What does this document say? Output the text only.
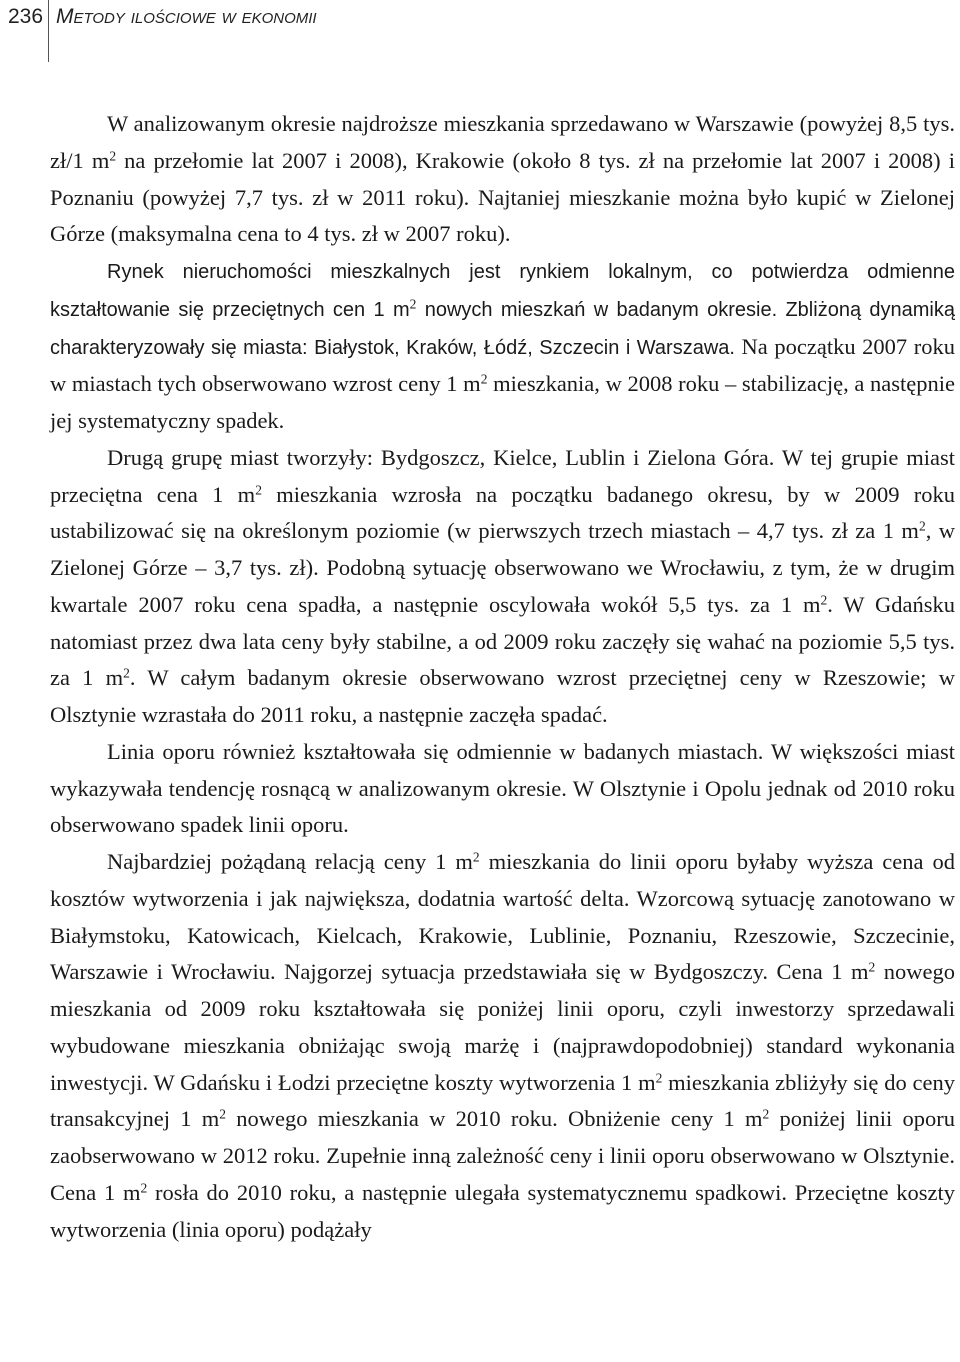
236 Metody ilościowe w ekonomii

W analizowanym okresie najdroższe mieszkania sprzedawano w Warszawie (powyżej 8,5 tys. zł/1 $m^2$ na przełomie lat 2007 i 2008), Krakowie (około 8 tys. zł na przełomie lat 2007 i 2008) i Poznaniu (powyżej 7,7 tys. zł w 2011 roku). Najtaniej mieszkanie można było kupić w Zielonej Górze (maksymalna cena to 4 tys. zł w 2007 roku).

Rynek nieruchomości mieszkalnych jest rynkiem lokalnym, co potwierdza odmienne kształtowanie się przeciętnych cen 1 $m^2$ nowych mieszkań w badanym okresie. Zbliżoną dynamiką charakteryzowały się miasta: Białystok, Kraków, Łódź, Szczecin i Warszawa. Na początku 2007 roku w miastach tych obserwowano wzrost ceny 1 $m^2$ mieszkania, w 2008 roku – stabilizację, a następnie jej systematyczny spadek.

Drugą grupę miast tworzyły: Bydgoszcz, Kielce, Lublin i Zielona Góra. W tej grupie miast przeciętna cena 1 $m^2$ mieszkania wzrosła na początku badanego okresu, by w 2009 roku ustabilizować się na określonym poziomie (w pierwszych trzech miastach – 4,7 tys. zł za 1 $m^2$, w Zielonej Górze – 3,7 tys. zł). Podobną sytuację obserwowano we Wrocławiu, z tym, że w drugim kwartale 2007 roku cena spadła, a następnie oscylowała wokół 5,5 tys. za 1 $m^2$. W Gdańsku natomiast przez dwa lata ceny były stabilne, a od 2009 roku zaczęły się wahać na poziomie 5,5 tys. za 1 $m^2$. W całym badanym okresie obserwowano wzrost przeciętnej ceny w Rzeszowie; w Olsztynie wzrastała do 2011 roku, a następnie zaczęła spadać.

Linia oporu również kształtowała się odmiennie w badanych miastach. W większości miast wykazywała tendencję rosnącą w analizowanym okresie. W Olsztynie i Opolu jednak od 2010 roku obserwowano spadek linii oporu.

Najbardziej pożądaną relacją ceny 1 $m^2$ mieszkania do linii oporu byłaby wyższa cena od kosztów wytworzenia i jak największa, dodatnia wartość delta. Wzorcową sytuację zanotowano w Białymstoku, Katowicach, Kielcach, Krakowie, Lublinie, Poznaniu, Rzeszowie, Szczecinie, Warszawie i Wrocławiu. Najgorzej sytuacja przedstawiała się w Bydgoszczy. Cena 1 $m^2$ nowego mieszkania od 2009 roku kształtowała się poniżej linii oporu, czyli inwestorzy sprzedawali wybudowane mieszkania obniżając swoją marżę i (najprawdopodobniej) standard wykonania inwestycji. W Gdańsku i Łodzi przeciętne koszty wytworzenia 1 $m^2$ mieszkania zbliżyły się do ceny transakcyjnej 1 $m^2$ nowego mieszkania w 2010 roku. Obniżenie ceny 1 $m^2$ poniżej linii oporu zaobserwowano w 2012 roku. Zupełnie inną zależność ceny i linii oporu obserwowano w Olsztynie. Cena 1 $m^2$ rosła do 2010 roku, a następnie ulegała systematycznemu spadkowi. Przeciętne koszty wytworzenia (linia oporu) podążały
